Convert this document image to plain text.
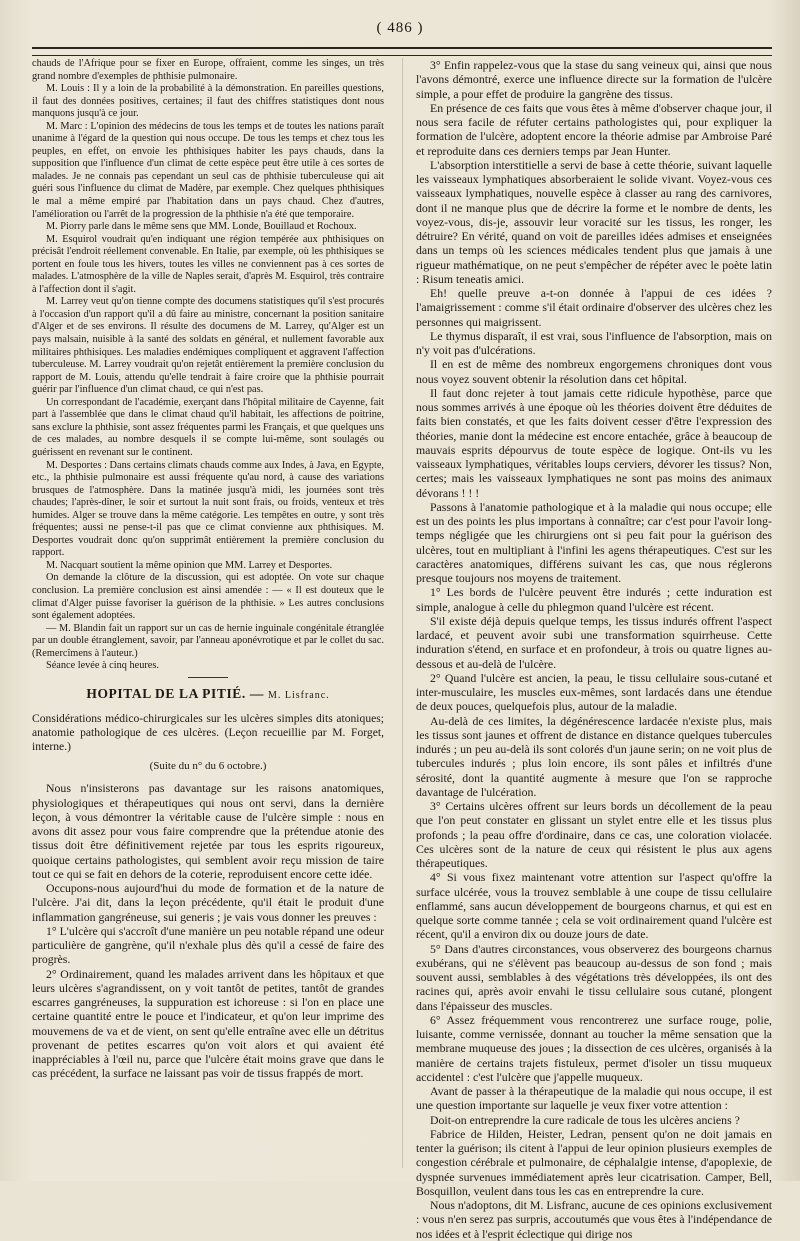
( 486 )

chauds de l'Afrique pour se fixer en Europe, offraient, comme les singes, un très grand nombre d'exemples de phthisie pulmonaire.

M. Louis : Il y a loin de la probabilité à la démonstration. En pareilles questions, il faut des données positives, certaines; il faut des chiffres statistiques dont nous manquons jusqu'à ce jour.

M. Marc : L'opinion des médecins de tous les temps et de toutes les nations paraît unanime à l'égard de la question qui nous occupe. De tous les temps et chez tous les peuples, en effet, on envoie les phthisiques habiter les pays chauds, dans la supposition que l'influence d'un climat de cette espèce peut être utile à ces sortes de malades. Je ne connais pas cependant un seul cas de phthisie tuberculeuse qui ait guéri sous l'influence du climat de Madère, par exemple. Chez quelques phthisiques le mal a même empiré par l'habitation dans un pays chaud. Chez d'autres, l'amélioration ou l'arrêt de la progression de la phthisie n'a été que temporaire.

M. Piorry parle dans le même sens que MM. Londe, Bouillaud et Rochoux.

M. Esquirol voudrait qu'en indiquant une région tempérée aux phthisiques on précisât l'endroit réellement convenable. En Italie, par exemple, où les phthisiques se portent en foule tous les hivers, toutes les villes ne conviennent pas à ces sortes de malades. L'atmosphère de la ville de Naples serait, d'après M. Esquirol, très contraire à l'affection dont il s'agit.

M. Larrey veut qu'on tienne compte des documens statistiques qu'il s'est procurés à l'occasion d'un rapport qu'il a dû faire au ministre, concernant la position sanitaire d'Alger et de ses environs. Il résulte des documens de M. Larrey, qu'Alger est un pays malsain, nuisible à la santé des soldats en général, et nullement favorable aux militaires phthisiques. Les maladies endémiques compliquent et aggravent l'affection tuberculeuse. M. Larrey voudrait qu'on rejetât entièrement la première conclusion du rapport de M. Louis, attendu qu'elle tendrait à faire croire que la phthisie pourrait guérir par l'influence d'un climat chaud, ce qui n'est pas.

Un correspondant de l'académie, exerçant dans l'hôpital militaire de Cayenne, fait part à l'assemblée que dans le climat chaud qu'il habitait, les affections de poitrine, sans exclure la phthisie, sont assez fréquentes parmi les Français, et que quelques uns de ces malades, au nombre desquels il se compte lui-même, sont soulagés ou guérissent en revenant sur le continent.

M. Desportes : Dans certains climats chauds comme aux Indes, à Java, en Egypte, etc., la phthisie pulmonaire est aussi fréquente qu'au nord, à cause des variations brusques de l'atmosphère. Dans la matinée jusqu'à midi, les journées sont très chaudes; l'après-dîner, le soir et surtout la nuit sont frais, ou froids, venteux et très humides. Alger se trouve dans la même catégorie. Les tempêtes en outre, y sont très fréquentes; aussi ne pense-t-il pas que ce climat convienne aux phthisiques. M. Desportes voudrait donc qu'on supprimât entièrement la première conclusion du rapport.

M. Nacquart soutient la même opinion que MM. Larrey et Desportes.

On demande la clôture de la discussion, qui est adoptée. On vote sur chaque conclusion. La première conclusion est ainsi amendée : — « Il est douteux que le climat d'Alger puisse favoriser la guérison de la phthisie. » Les autres conclusions sont également adoptées.

— M. Blandin fait un rapport sur un cas de hernie inguinale congénitale étranglée par un double étranglement, savoir, par l'anneau aponévrotique et par le collet du sac. (Remercîmens à l'auteur.)

Séance levée à cinq heures.

HOPITAL DE LA PITIÉ. — M. Lisfranc.

Considérations médico-chirurgicales sur les ulcères simples dits atoniques; anatomie pathologique de ces ulcères. (Leçon recueillie par M. Forget, interne.)

(Suite du n° du 6 octobre.)

Nous n'insisterons pas davantage sur les raisons anatomiques, physiologiques et thérapeutiques qui nous ont servi, dans la dernière leçon, à vous démontrer la véritable cause de l'ulcère simple : nous en avons dit assez pour vous faire comprendre que la prétendue atonie des tissus doit être définitivement rejetée par tous les esprits rigoureux, quoique certains pathologistes, qui semblent avoir reçu mission de taire tout ce qui se fait en dehors de la coterie, reproduisent encore cette idée.

Occupons-nous aujourd'hui du mode de formation et de la nature de l'ulcère. J'ai dit, dans la leçon précédente, qu'il était le produit d'une inflammation gangréneuse, sui generis ; je vais vous donner les preuves :

1° L'ulcère qui s'accroît d'une manière un peu notable répand une odeur particulière de gangrène, qu'il n'exhale plus dès qu'il a cessé de faire des progrès.

2° Ordinairement, quand les malades arrivent dans les hôpitaux et que leurs ulcères s'agrandissent, on y voit tantôt de petites, tantôt de grandes escarres gangréneuses, la suppuration est ichoreuse : si l'on en place une certaine quantité entre le pouce et l'indicateur, et qu'on leur imprime des mouvemens de va et de vient, on sent qu'elle entraîne avec elle un détritus provenant de petites escarres qu'on voit alors et qui avaient été inappréciables à l'œil nu, parce que l'ulcère était moins grave que dans le cas précédent, la surface ne laissant pas voir de tissus frappés de mort.

3° Enfin rappelez-vous que la stase du sang veineux qui, ainsi que nous l'avons démontré, exerce une influence directe sur la formation de l'ulcère simple, a pour effet de produire la gangrène des tissus.

En présence de ces faits que vous êtes à même d'observer chaque jour, il nous sera facile de réfuter certains pathologistes qui, pour expliquer la formation de l'ulcère, adoptent encore la théorie admise par Ambroise Paré et reproduite dans ces derniers temps par Jean Hunter.

L'absorption interstitielle a servi de base à cette théorie, suivant laquelle les vaisseaux lymphatiques absorberaient le solide vivant. Voyez-vous ces vaisseaux lymphatiques, nouvelle espèce à classer au rang des carnivores, dont il ne manque plus que de décrire la forme et le nombre de dents, les voyez-vous, dis-je, assouvir leur voracité sur les tissus, les ronger, les détruire? En vérité, quand on voit de pareilles idées admises et enseignées dans un temps où les sciences médicales tendent plus que jamais à une rigueur mathématique, on ne peut s'empêcher de répéter avec le poète latin : Risum teneatis amici.

Eh! quelle preuve a-t-on donnée à l'appui de ces idées ? l'amaigrissement : comme s'il était ordinaire d'observer des ulcères chez les personnes qui maigrissent.

Le thymus disparaît, il est vrai, sous l'influence de l'absorption, mais on n'y voit pas d'ulcérations.

Il en est de même des nombreux engorgemens chroniques dont vous nous voyez souvent obtenir la résolution dans cet hôpital.

Il faut donc rejeter à tout jamais cette ridicule hypothèse, parce que nous sommes arrivés à une époque où les théories doivent être déduites de faits bien constatés, et que les faits doivent cesser d'être l'expression des théories, manie dont la médecine est encore entachée, grâce à beaucoup de mauvais esprits dépourvus de toute espèce de logique. Ont-ils vu les vaisseaux lymphatiques, véritables loups cerviers, dévorer les tissus? Non, certes; mais les vaisseaux lymphatiques ne sont pas moins des animaux dévorans ! ! !

Passons à l'anatomie pathologique et à la maladie qui nous occupe; elle est un des points les plus importans à connaître; car c'est pour l'avoir long-temps négligée que les chirurgiens ont si peu fait pour la guérison des ulcères, tout en multipliant à l'infini les agens thérapeutiques. C'est sur les caractères anatomiques, différens suivant les cas, que nous réglerons presque toujours nos moyens de traitement.

1° Les bords de l'ulcère peuvent être indurés ; cette induration est simple, analogue à celle du phlegmon quand l'ulcère est récent.

S'il existe déjà depuis quelque temps, les tissus indurés offrent l'aspect lardacé, et peuvent avoir subi une transformation squirrheuse. Cette induration s'étend, en surface et en profondeur, à trois ou quatre lignes au-dessous et au-delà de l'ulcère.

2° Quand l'ulcère est ancien, la peau, le tissu cellulaire sous-cutané et inter-musculaire, les muscles eux-mêmes, sont lardacés dans une étendue de deux pouces, quelquefois plus, autour de la maladie.

Au-delà de ces limites, la dégénérescence lardacée n'existe plus, mais les tissus sont jaunes et offrent de distance en distance quelques tubercules indurés ; un peu au-delà ils sont colorés d'un jaune serin; on ne voit plus de tubercules indurés ; plus loin encore, ils sont pâles et infiltrés d'une sérosité, dont la quantité augmente à mesure que l'on se rapproche davantage de l'ulcération.

3° Certains ulcères offrent sur leurs bords un décollement de la peau que l'on peut constater en glissant un stylet entre elle et les tissus plus profonds ; la peau offre d'ordinaire, dans ce cas, une coloration violacée. Ces ulcères sont de la nature de ceux qui résistent le plus aux agens thérapeutiques.

4° Si vous fixez maintenant votre attention sur l'aspect qu'offre la surface ulcérée, vous la trouvez semblable à une coupe de tissu cellulaire enflammé, sans aucun développement de bourgeons charnus, et qui est en quelque sorte comme tannée ; cela se voit ordinairement quand l'ulcère est récent, qu'il a environ dix ou douze jours de date.

5° Dans d'autres circonstances, vous observerez des bourgeons charnus exubérans, qui ne s'élèvent pas beaucoup au-dessus de son fond ; mais souvent aussi, semblables à des végétations très développées, ils ont des racines qui, après avoir envahi le tissu cellulaire sous cutané, plongent dans l'épaisseur des muscles.

6° Assez fréquemment vous rencontrerez une surface rouge, polie, luisante, comme vernissée, donnant au toucher la même sensation que la membrane muqueuse des joues ; la dissection de ces ulcères, organisés à la manière de certains trajets fistuleux, permet d'isoler un tissu muqueux accidentel : c'est l'ulcère que j'appelle muqueux.

Avant de passer à la thérapeutique de la maladie qui nous occupe, il est une question importante sur laquelle je veux fixer votre attention :

Doit-on entreprendre la cure radicale de tous les ulcères anciens ?

Fabrice de Hilden, Heister, Ledran, pensent qu'on ne doit jamais en tenter la guérison; ils citent à l'appui de leur opinion plusieurs exemples de congestion cérébrale et pulmonaire, de céphalalgie intense, d'apoplexie, de dyspnée survenues immédiatement après leur cicatrisation. Camper, Bell, Bosquillon, veulent dans tous les cas en entreprendre la cure.

Nous n'adoptons, dit M. Lisfranc, aucune de ces opinions exclusivement : vous n'en serez pas surpris, accoutumés que vous êtes à l'indépendance de nos idées et à l'esprit éclectique qui dirige nos
